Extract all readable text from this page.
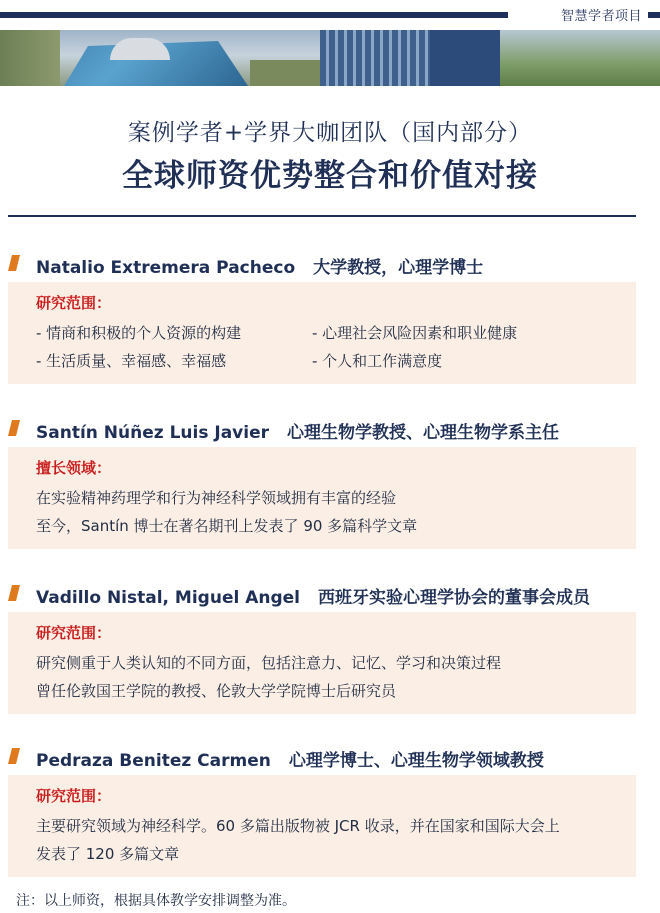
智慧学者项目
案例学者+学界大咖团队（国内部分）
全球师资优势整合和价值对接
Natalio Extremera Pacheco 大学教授，心理学博士
研究范围：
- 情商和积极的个人资源的构建	- 心理社会风险因素和职业健康
- 生活质量、幸福感、幸福感	- 个人和工作满意度
Santín Núñez Luis Javier 心理生物学教授、心理生物学系主任
擅长领域：
在实验精神药理学和行为神经科学领域拥有丰富的经验
至今，Santín 博士在著名期刊上发表了 90 多篇科学文章
Vadillo Nistal, Miguel Angel 西班牙实验心理学协会的董事会成员
研究范围：
研究侧重于人类认知的不同方面，包括注意力、记忆、学习和决策过程
曾任伦敦国王学院的教授、伦敦大学学院博士后研究员
Pedraza Benitez Carmen 心理学博士、心理生物学领域教授
研究范围：
主要研究领域为神经科学。60 多篇出版物被 JCR 收录，并在国家和国际大会上
发表了 120 多篇文章
注：以上师资，根据具体教学安排调整为准。
